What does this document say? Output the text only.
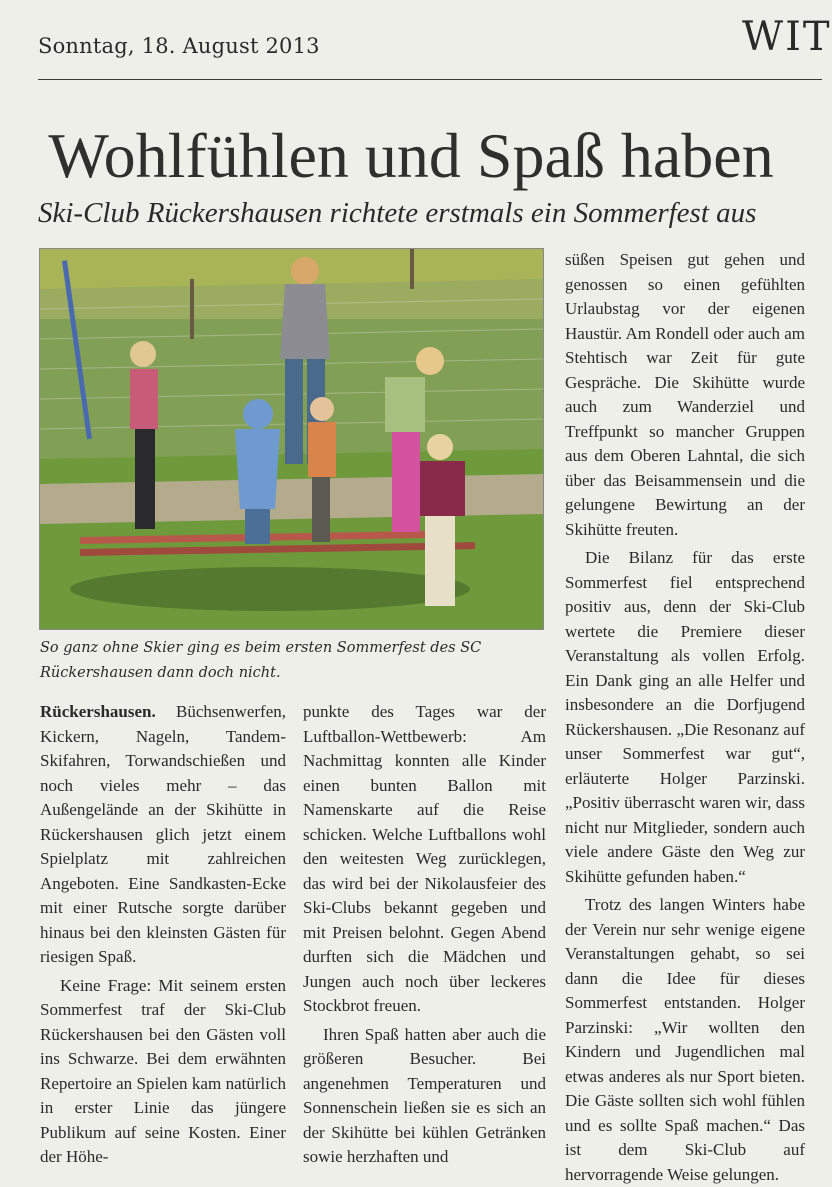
Sonntag, 18. August 2013	WIT
Wohlfühlen und Spaß haben
Ski-Club Rückershausen richtete erstmals ein Sommerfest aus
So ganz ohne Skier ging es beim ersten Sommerfest des SC Rückershausen dann doch nicht.

Rückershausen. Büchsenwerfen, Kickern, Nageln, Tandem-Skifahren, Torwandschießen und noch vieles mehr – das Außengelände an der Skihütte in Rückershausen glich jetzt einem Spielplatz mit zahlreichen Angeboten. Eine Sandkasten-Ecke mit einer Rutsche sorgte darüber hinaus bei den kleinsten Gästen für riesigen Spaß.

Keine Frage: Mit seinem ersten Sommerfest traf der Ski-Club Rückershausen bei den Gästen voll ins Schwarze. Bei dem erwähnten Repertoire an Spielen kam natürlich in erster Linie das jüngere Publikum auf seine Kosten. Einer der Höhe-

punkte des Tages war der Luftballon-Wettbewerb: Am Nachmittag konnten alle Kinder einen bunten Ballon mit Namenskarte auf die Reise schicken. Welche Luftballons wohl den weitesten Weg zurücklegen, das wird bei der Nikolausfeier des Ski-Clubs bekannt gegeben und mit Preisen belohnt. Gegen Abend durften sich die Mädchen und Jungen auch noch über leckeres Stockbrot freuen.

Ihren Spaß hatten aber auch die größeren Besucher. Bei angenehmen Temperaturen und Sonnenschein ließen sie es sich an der Skihütte bei kühlen Getränken sowie herzhaften und

süßen Speisen gut gehen und genossen so einen gefühlten Urlaubstag vor der eigenen Haustür. Am Rondell oder auch am Stehtisch war Zeit für gute Gespräche. Die Skihütte wurde auch zum Wanderziel und Treffpunkt so mancher Gruppen aus dem Oberen Lahntal, die sich über das Beisammensein und die gelungene Bewirtung an der Skihütte freuten.

Die Bilanz für das erste Sommerfest fiel entsprechend positiv aus, denn der Ski-Club wertete die Premiere dieser Veranstaltung als vollen Erfolg. Ein Dank ging an alle Helfer und insbesondere an die Dorfjugend Rückershausen. „Die Resonanz auf unser Sommerfest war gut“, erläuterte Holger Parzinski. „Positiv überrascht waren wir, dass nicht nur Mitglieder, sondern auch viele andere Gäste den Weg zur Skihütte gefunden haben.“

Trotz des langen Winters habe der Verein nur sehr wenige eigene Veranstaltungen gehabt, so sei dann die Idee für dieses Sommerfest entstanden. Holger Parzinski: „Wir wollten den Kindern und Jugendlichen mal etwas anderes als nur Sport bieten. Die Gäste sollten sich wohl fühlen und es sollte Spaß machen.“ Das ist dem Ski-Club auf hervorragende Weise gelungen.
